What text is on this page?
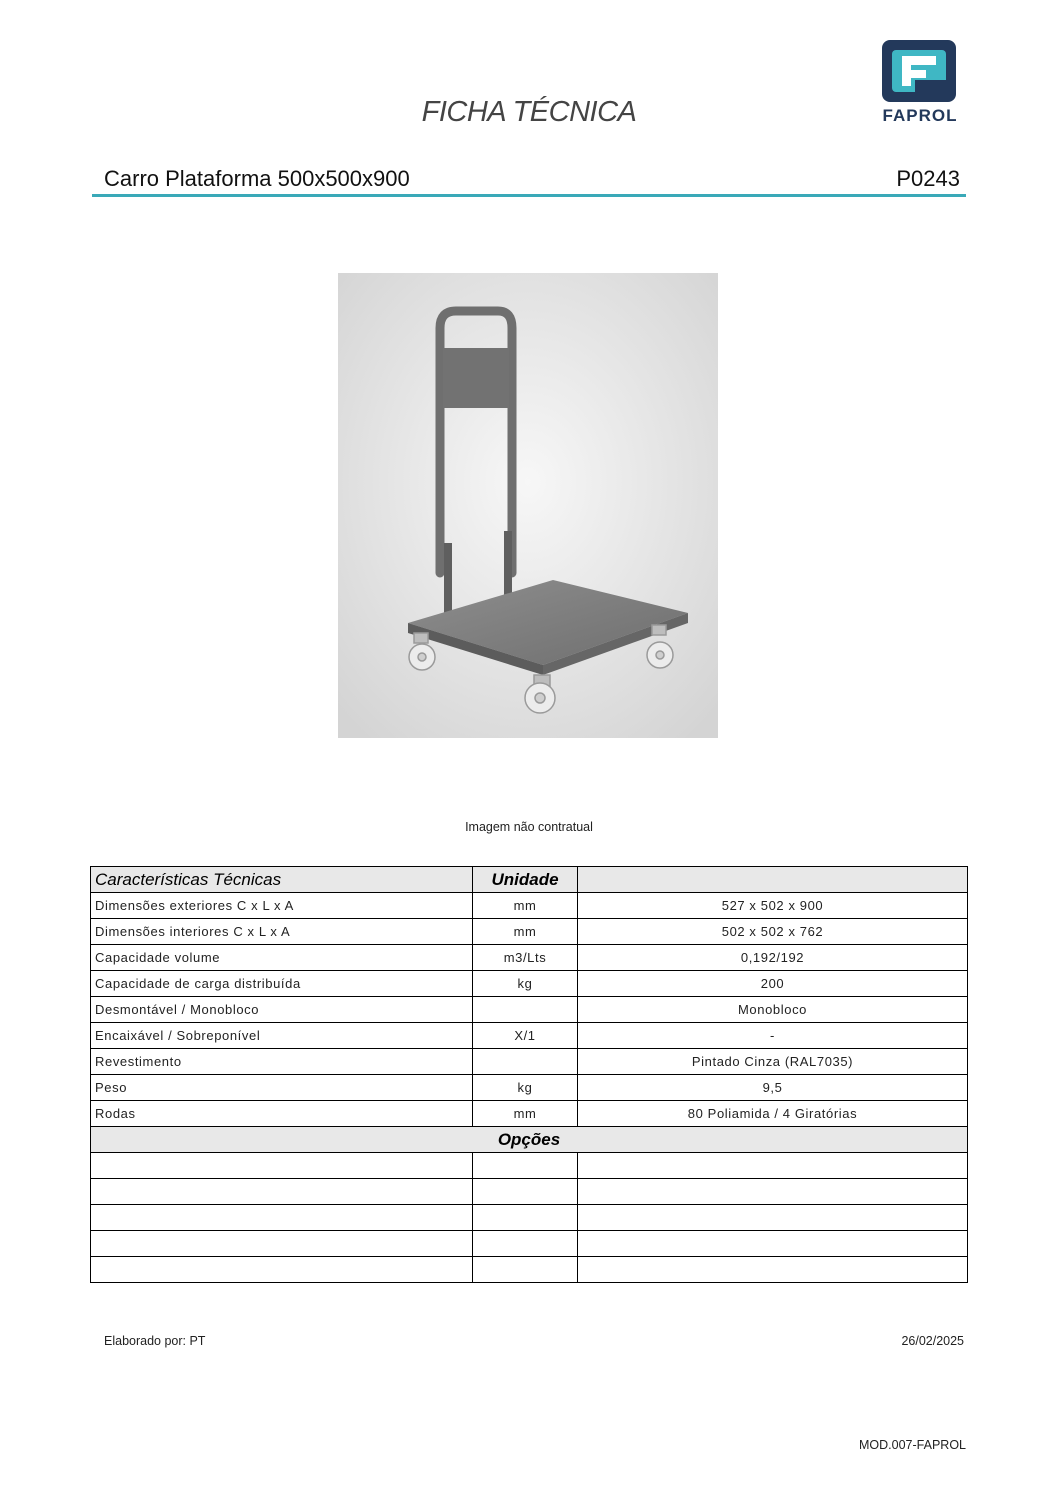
FICHA TÉCNICA	FAPROL
Carro Plataforma 500x500x900	P0243
Imagem não contratual
Características Técnicas	Unidade	
Dimensões exteriores C x L x A	mm	527 x 502 x 900
Dimensões interiores C x L x A	mm	502 x 502 x 762
Capacidade volume	m3/Lts	0,192/192
Capacidade de carga distribuída	kg	200
Desmontável / Monobloco		Monobloco
Encaixável / Sobreponível	X/1	-
Revestimento		Pintado Cinza (RAL7035)
Peso	kg	9,5
Rodas	mm	80 Poliamida / 4 Giratórias
Opções		

Elaborado por: PT	26/02/2025
MOD.007-FAPROL
